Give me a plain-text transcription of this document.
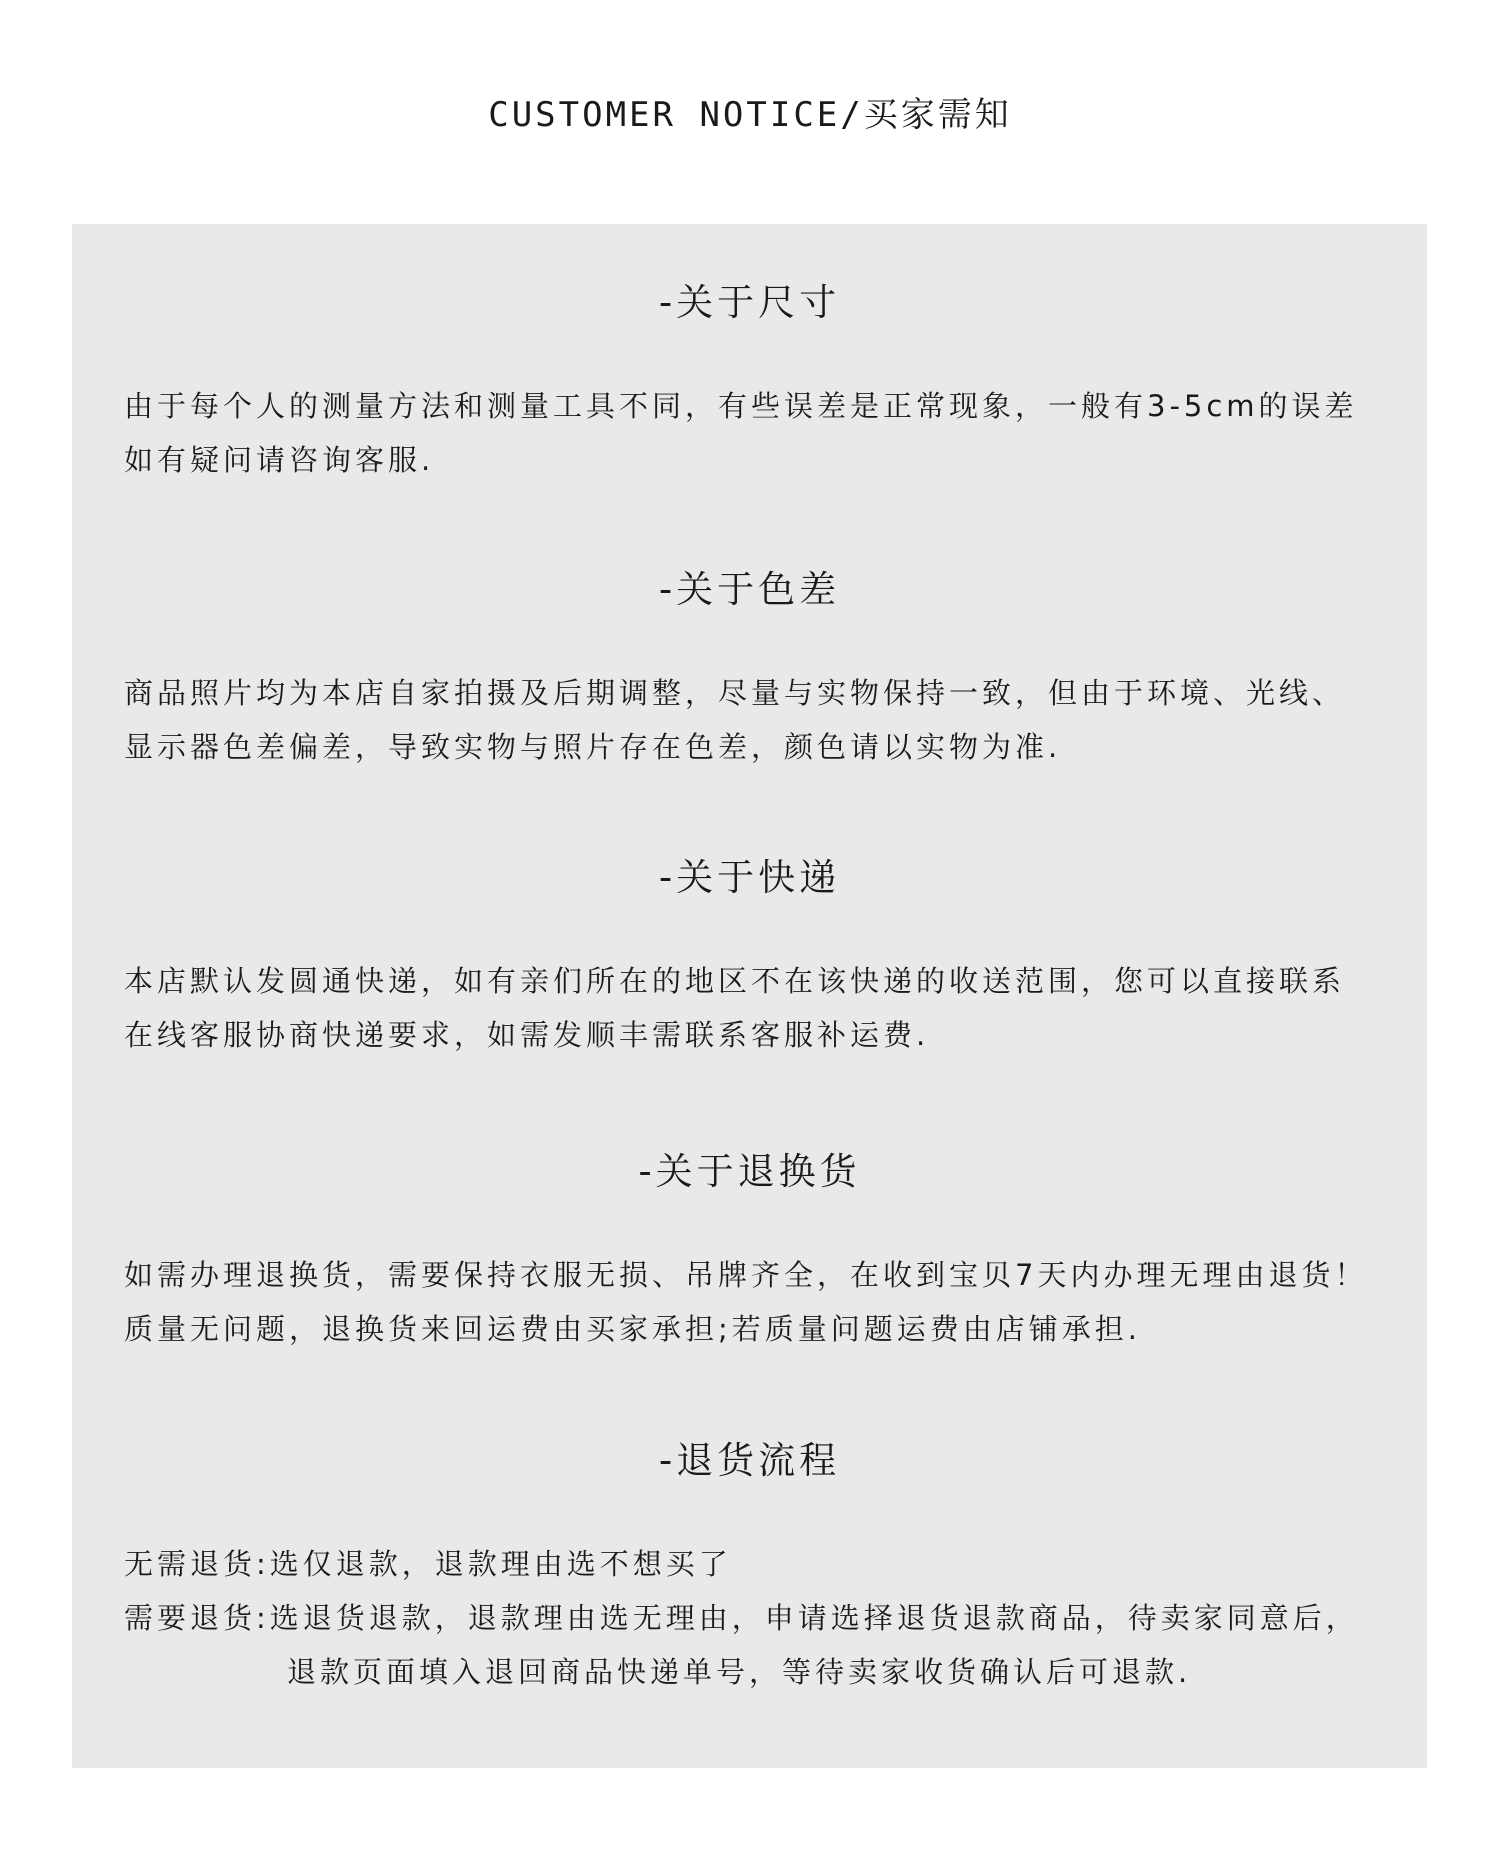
CUSTOMER NOTICE/买家需知
-关于尺寸
由于每个人的测量方法和测量工具不同，有些误差是正常现象，一般有3-5cm的误差
如有疑问请咨询客服.
-关于色差
商品照片均为本店自家拍摄及后期调整，尽量与实物保持一致，但由于环境、光线、
显示器色差偏差，导致实物与照片存在色差，颜色请以实物为准.
-关于快递
本店默认发圆通快递，如有亲们所在的地区不在该快递的收送范围，您可以直接联系
在线客服协商快递要求，如需发顺丰需联系客服补运费.
-关于退换货
如需办理退换货，需要保持衣服无损、吊牌齐全，在收到宝贝7天内办理无理由退货！
质量无问题，退换货来回运费由买家承担;若质量问题运费由店铺承担.
-退货流程
无需退货:选仅退款，退款理由选不想买了
需要退货:选退货退款，退款理由选无理由，申请选择退货退款商品，待卖家同意后，
退款页面填入退回商品快递单号，等待卖家收货确认后可退款.
